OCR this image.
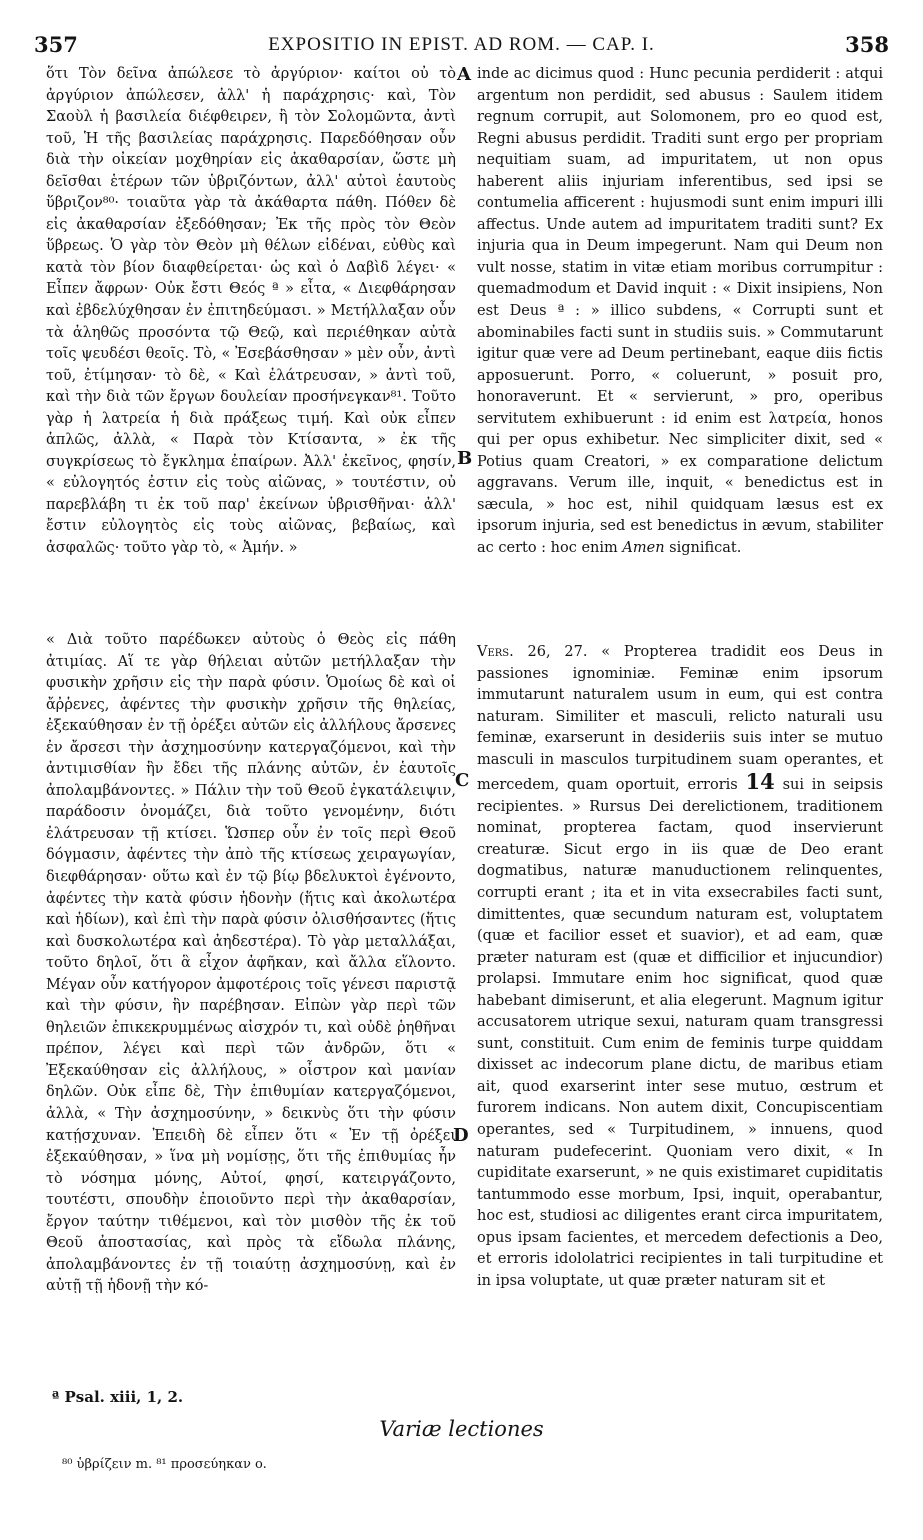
357	EXPOSITIO IN EPIST. AD ROM. — CAP. I.	358

ὅτι Τὸν δεῖνα ἀπώλεσε τὸ ἀργύριον· καίτοι οὐ τὸ ἀργύριον ἀπώλεσεν, ἀλλ' ἡ παράχρησις· καὶ, Τὸν Σαοὺλ ἡ βασιλεία διέφθειρεν, ἢ τὸν Σολομῶντα, ἀντὶ τοῦ, Ἡ τῆς βασιλείας παράχρησις. Παρεδόθησαν οὖν διὰ τὴν οἰκείαν μοχθηρίαν εἰς ἀκαθαρσίαν, ὥστε μὴ δεῖσθαι ἑτέρων τῶν ὑβριζόντων, ἀλλ' αὐτοὶ ἑαυτοὺς ὕβριζον⁸⁰· τοιαῦτα γὰρ τὰ ἀκάθαρτα πάθη. Πόθεν δὲ εἰς ἀκαθαρσίαν ἐξεδόθησαν; Ἐκ τῆς πρὸς τὸν Θεὸν ὕβρεως. Ὁ γὰρ τὸν Θεὸν μὴ θέλων εἰδέναι, εὐθὺς καὶ κατὰ τὸν βίον διαφθείρεται· ὡς καὶ ὁ Δαβὶδ λέγει· « Εἶπεν ἄφρων· Οὐκ ἔστι Θεός ª » εἶτα, « Διεφθάρησαν καὶ ἐβδελύχθησαν ἐν ἐπιτηδεύμασι. » Μετήλλαξαν οὖν τὰ ἀληθῶς προσόντα τῷ Θεῷ, καὶ περιέθηκαν αὐτὰ τοῖς ψευδέσι θεοῖς. Τὸ, « Ἐσεβάσθησαν » μὲν οὖν, ἀντὶ τοῦ, ἐτίμησαν· τὸ δὲ, « Καὶ ἐλάτρευσαν, » ἀντὶ τοῦ, καὶ τὴν διὰ τῶν ἔργων δουλείαν προσήνεγκαν⁸¹. Τοῦτο γὰρ ἡ λατρεία ἡ διὰ πράξεως τιμή. Καὶ οὐκ εἶπεν ἁπλῶς, ἀλλὰ, « Παρὰ τὸν Κτίσαντα, » ἐκ τῆς συγκρίσεως τὸ ἔγκλημα ἐπαίρων. Ἀλλ' ἐκεῖνος, φησίν, « εὐλογητός ἐστιν εἰς τοὺς αἰῶνας, » τουτέστιν, οὐ παρεβλάβη τι ἐκ τοῦ παρ' ἐκείνων ὑβρισθῆναι· ἀλλ' ἔστιν εὐλογητὸς εἰς τοὺς αἰῶνας, βεβαίως, καὶ ἀσφαλῶς· τοῦτο γὰρ τὸ, « Ἀμήν. »

« Διὰ τοῦτο παρέδωκεν αὐτοὺς ὁ Θεὸς εἰς πάθη ἀτιμίας. Αἵ τε γὰρ θήλειαι αὐτῶν μετήλλαξαν τὴν φυσικὴν χρῆσιν εἰς τὴν παρὰ φύσιν. Ὁμοίως δὲ καὶ οἱ ἄῤῥενες, ἀφέντες τὴν φυσικὴν χρῆσιν τῆς θηλείας, ἐξεκαύθησαν ἐν τῇ ὀρέξει αὐτῶν εἰς ἀλλήλους ἄρσενες ἐν ἄρσεσι τὴν ἀσχημοσύνην κατεργαζόμενοι, καὶ τὴν ἀντιμισθίαν ἣν ἔδει τῆς πλάνης αὐτῶν, ἐν ἑαυτοῖς ἀπολαμβάνοντες. » Πάλιν τὴν τοῦ Θεοῦ ἐγκατάλειψιν, παράδοσιν ὀνομάζει, διὰ τοῦτο γενομένην, διότι ἐλάτρευσαν τῇ κτίσει. Ὥσπερ οὖν ἐν τοῖς περὶ Θεοῦ δόγμασιν, ἀφέντες τὴν ἀπὸ τῆς κτίσεως χειραγωγίαν, διεφθάρησαν· οὕτω καὶ ἐν τῷ βίῳ βδελυκτοὶ ἐγένοντο, ἀφέντες τὴν κατὰ φύσιν ἡδονὴν (ἥτις καὶ ἀκολωτέρα καὶ ἡδίων), καὶ ἐπὶ τὴν παρὰ φύσιν ὀλισθήσαντες (ἥτις καὶ δυσκολωτέρα καὶ ἀηδεστέρα). Τὸ γὰρ μεταλλάξαι, τοῦτο δηλοῖ, ὅτι ἃ εἶχον ἀφῆκαν, καὶ ἄλλα εἵλοντο. Μέγαν οὖν κατήγορον ἀμφοτέροις τοῖς γένεσι παριστᾷ καὶ τὴν φύσιν, ἣν παρέβησαν. Εἰπὼν γὰρ περὶ τῶν θηλειῶν ἐπικεκρυμμένως αἰσχρόν τι, καὶ οὐδὲ ῥηθῆναι πρέπον, λέγει καὶ περὶ τῶν ἀνδρῶν, ὅτι « Ἐξεκαύθησαν εἰς ἀλλήλους, » οἶστρον καὶ μανίαν δηλῶν. Οὐκ εἶπε δὲ, Τὴν ἐπιθυμίαν κατεργαζόμενοι, ἀλλὰ, « Τὴν ἀσχημοσύνην, » δεικνὺς ὅτι τὴν φύσιν κατῄσχυναν. Ἐπειδὴ δὲ εἶπεν ὅτι « Ἐν τῇ ὀρέξει ἐξεκαύθησαν, » ἵνα μὴ νομίσῃς, ὅτι τῆς ἐπιθυμίας ἦν τὸ νόσημα μόνης, Αὐτοί, φησί, κατειργάζοντο, τουτέστι, σπουδὴν ἐποιοῦντο περὶ τὴν ἀκαθαρσίαν, ἔργον ταύτην τιθέμενοι, καὶ τὸν μισθὸν τῆς ἐκ τοῦ Θεοῦ ἀποστασίας, καὶ πρὸς τὰ εἴδωλα πλάνης, ἀπολαμβάνοντες ἐν τῇ τοιαύτῃ ἀσχημοσύνῃ, καὶ ἐν αὐτῇ τῇ ἡδονῇ τὴν κό-

inde ac dicimus quod : Hunc pecunia perdiderit : atqui argentum non perdidit, sed abusus : Saulem itidem regnum corrupit, aut Solomonem, pro eo quod est, Regni abusus perdidit. Traditi sunt ergo per propriam nequitiam suam, ad impuritatem, ut non opus haberent aliis injuriam inferentibus, sed ipsi se contumelia afficerent : hujusmodi sunt enim impuri illi affectus. Unde autem ad impuritatem traditi sunt? Ex injuria qua in Deum impegerunt. Nam qui Deum non vult nosse, statim in vitæ etiam moribus corrumpitur : quemadmodum et David inquit : « Dixit insipiens, Non est Deus ª : » illico subdens, « Corrupti sunt et abominabiles facti sunt in studiis suis. » Commutarunt igitur quæ vere ad Deum pertinebant, eaque diis fictis apposuerunt. Porro, « coluerunt, » posuit pro, honoraverunt. Et « servierunt, » pro, operibus servitutem exhibuerunt : id enim est λατρεία, honos qui per opus exhibetur. Nec simpliciter dixit, sed « Potius quam Creatori, » ex comparatione delictum aggravans. Verum ille, inquit, « benedictus est in sæcula, » hoc est, nihil quidquam læsus est ex ipsorum injuria, sed est benedictus in ævum, stabiliter ac certo : hoc enim Amen significat.

Vers. 26, 27. « Propterea tradidit eos Deus in passiones ignominiæ. Feminæ enim ipsorum immutarunt naturalem usum in eum, qui est contra naturam. Similiter et masculi, relicto naturali usu feminæ, exarserunt in desideriis suis inter se mutuo masculi in masculos turpitudinem suam operantes, et mercedem, quam oportuit, erroris 14 sui in seipsis recipientes. » Rursus Dei derelictionem, traditionem nominat, propterea factam, quod inservierunt creaturæ. Sicut ergo in iis quæ de Deo erant dogmatibus, naturæ manuductionem relinquentes, corrupti erant ; ita et in vita exsecrabiles facti sunt, dimittentes, quæ secundum naturam est, voluptatem (quæ et facilior esset et suavior), et ad eam, quæ præter naturam est (quæ et difficilior et injucundior) prolapsi. Immutare enim hoc significat, quod quæ habebant dimiserunt, et alia elegerunt. Magnum igitur accusatorem utrique sexui, naturam quam transgressi sunt, constituit. Cum enim de feminis turpe quiddam dixisset ac indecorum plane dictu, de maribus etiam ait, quod exarserint inter sese mutuo, œstrum et furorem indicans. Non autem dixit, Concupiscentiam operantes, sed « Turpitudinem, » innuens, quod naturam pudefecerint. Quoniam vero dixit, « In cupiditate exarserunt, » ne quis existimaret cupiditatis tantummodo esse morbum, Ipsi, inquit, operabantur, hoc est, studiosi ac diligentes erant circa impuritatem, opus ipsam facientes, et mercedem defectionis a Deo, et erroris idololatrici recipientes in tali turpitudine et in ipsa voluptate, ut quæ præter naturam sit et

A
B
C
D
ª Psal. xiii, 1, 2.
Variæ lectiones
⁸⁰ ὑβρίζειν m. ⁸¹ προσεύηκαν o.
